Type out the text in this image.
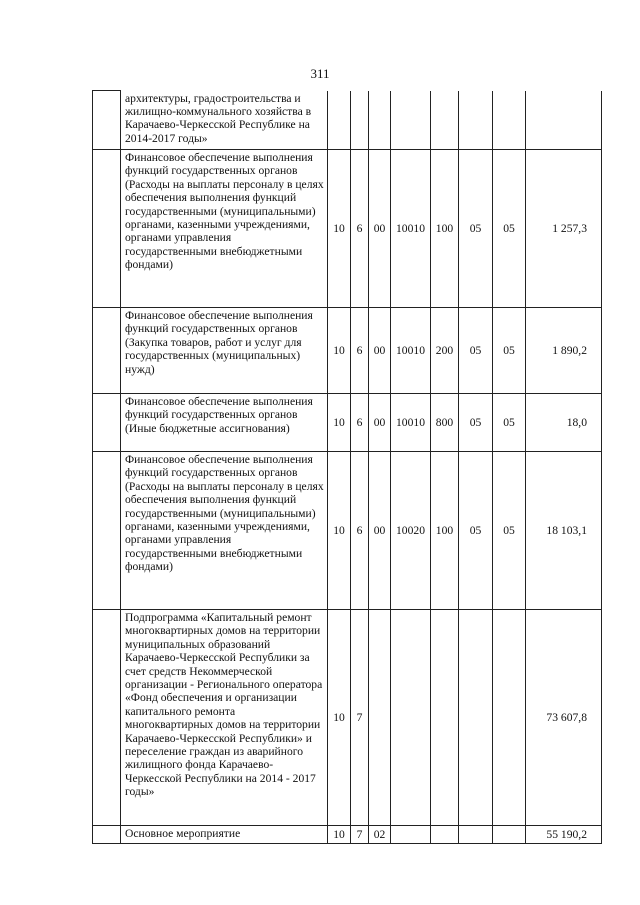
311
	архитектуры, градостроительства и жилищно-коммунального хозяйства в Карачаево-Черкесской Республике на 2014-2017 годы»								
	Финансовое обеспечение выполнения функций государственных органов (Расходы на выплаты персоналу в целях обеспечения выполнения функций государственными (муниципальными) органами, казенными учреждениями, органами управления государственными внебюджетными фондами)	10	6	00	10010	100	05	05	1 257,3
	Финансовое обеспечение выполнения функций государственных органов (Закупка товаров, работ и услуг для государственных (муниципальных) нужд)	10	6	00	10010	200	05	05	1 890,2
	Финансовое обеспечение выполнения функций государственных органов (Иные бюджетные ассигнования)	10	6	00	10010	800	05	05	18,0
	Финансовое обеспечение выполнения функций государственных органов (Расходы на выплаты персоналу в целях обеспечения выполнения функций государственными (муниципальными) органами, казенными учреждениями, органами управления государственными внебюджетными фондами)	10	6	00	10020	100	05	05	18 103,1
	Подпрограмма «Капитальный ремонт многоквартирных домов на территории муниципальных образований Карачаево-Черкесской Республики за счет средств Некоммерческой организации - Регионального оператора «Фонд обеспечения и организации капитального ремонта многоквартирных домов на территории Карачаево-Черкесской Республики» и переселение граждан из аварийного жилищного фонда Карачаево-Черкесской Республики на 2014 - 2017 годы»	10	7						73 607,8
	Основное мероприятие	10	7	02					55 190,2
